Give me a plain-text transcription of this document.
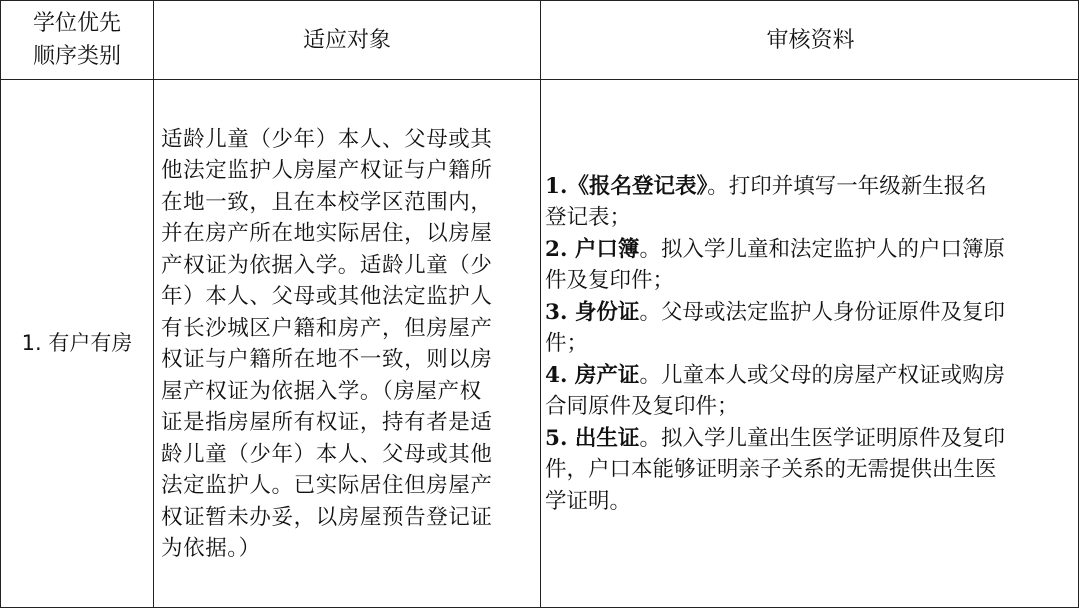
学位优先
顺序类别
适应对象	审核资料
1. 有户有房
适龄儿童（少年）本人、父母或其
他法定监护人房屋产权证与户籍所
在地一致，且在本校学区范围内，
并在房产所在地实际居住，以房屋
产权证为依据入学。适龄儿童（少
年）本人、父母或其他法定监护人
有长沙城区户籍和房产，但房屋产
权证与户籍所在地不一致，则以房
屋产权证为依据入学。（房屋产权
证是指房屋所有权证，持有者是适
龄儿童（少年）本人、父母或其他
法定监护人。已实际居住但房屋产
权证暂未办妥，以房屋预告登记证
为依据。）
1.《报名登记表》。打印并填写一年级新生报名
登记表；
2. 户口簿。拟入学儿童和法定监护人的户口簿原
件及复印件；
3. 身份证。父母或法定监护人身份证原件及复印
件；
4. 房产证。儿童本人或父母的房屋产权证或购房
合同原件及复印件；
5. 出生证。拟入学儿童出生医学证明原件及复印
件，户口本能够证明亲子关系的无需提供出生医
学证明。
